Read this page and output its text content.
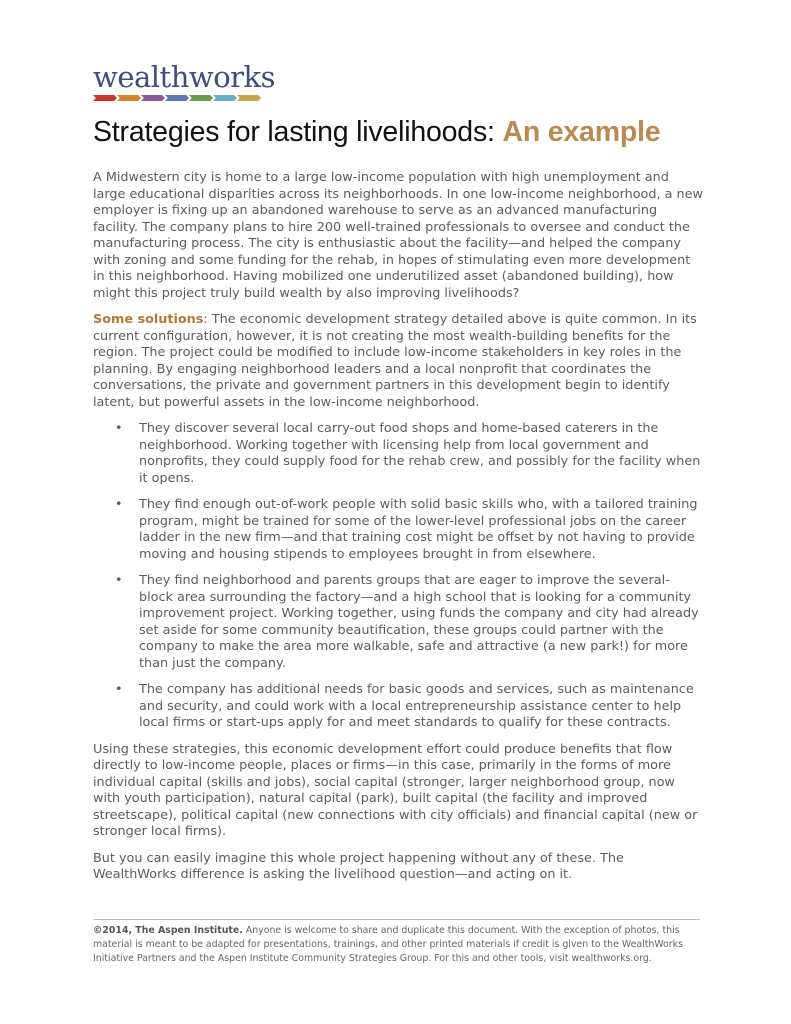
wealthworks
Strategies for lasting livelihoods: An example

A Midwestern city is home to a large low-income population with high unemployment and large educational disparities across its neighborhoods. In one low-income neighborhood, a new employer is fixing up an abandoned warehouse to serve as an advanced manufacturing facility. The company plans to hire 200 well-trained professionals to oversee and conduct the manufacturing process. The city is enthusiastic about the facility—and helped the company with zoning and some funding for the rehab, in hopes of stimulating even more development in this neighborhood. Having mobilized one underutilized asset (abandoned building), how might this project truly build wealth by also improving livelihoods?

Some solutions: The economic development strategy detailed above is quite common. In its current configuration, however, it is not creating the most wealth-building benefits for the region. The project could be modified to include low-income stakeholders in key roles in the planning. By engaging neighborhood leaders and a local nonprofit that coordinates the conversations, the private and government partners in this development begin to identify latent, but powerful assets in the low-income neighborhood.

• They discover several local carry-out food shops and home-based caterers in the neighborhood. Working together with licensing help from local government and nonprofits, they could supply food for the rehab crew, and possibly for the facility when it opens.
• They find enough out-of-work people with solid basic skills who, with a tailored training program, might be trained for some of the lower-level professional jobs on the career ladder in the new firm—and that training cost might be offset by not having to provide moving and housing stipends to employees brought in from elsewhere.
• They find neighborhood and parents groups that are eager to improve the several-block area surrounding the factory—and a high school that is looking for a community improvement project. Working together, using funds the company and city had already set aside for some community beautification, these groups could partner with the company to make the area more walkable, safe and attractive (a new park!) for more than just the company.
• The company has additional needs for basic goods and services, such as maintenance and security, and could work with a local entrepreneurship assistance center to help local firms or start-ups apply for and meet standards to qualify for these contracts.

Using these strategies, this economic development effort could produce benefits that flow directly to low-income people, places or firms—in this case, primarily in the forms of more individual capital (skills and jobs), social capital (stronger, larger neighborhood group, now with youth participation), natural capital (park), built capital (the facility and improved streetscape), political capital (new connections with city officials) and financial capital (new or stronger local firms).

But you can easily imagine this whole project happening without any of these. The WealthWorks difference is asking the livelihood question—and acting on it.

©2014, The Aspen Institute. Anyone is welcome to share and duplicate this document. With the exception of photos, this material is meant to be adapted for presentations, trainings, and other printed materials if credit is given to the WealthWorks Initiative Partners and the Aspen Institute Community Strategies Group. For this and other tools, visit wealthworks.org.
